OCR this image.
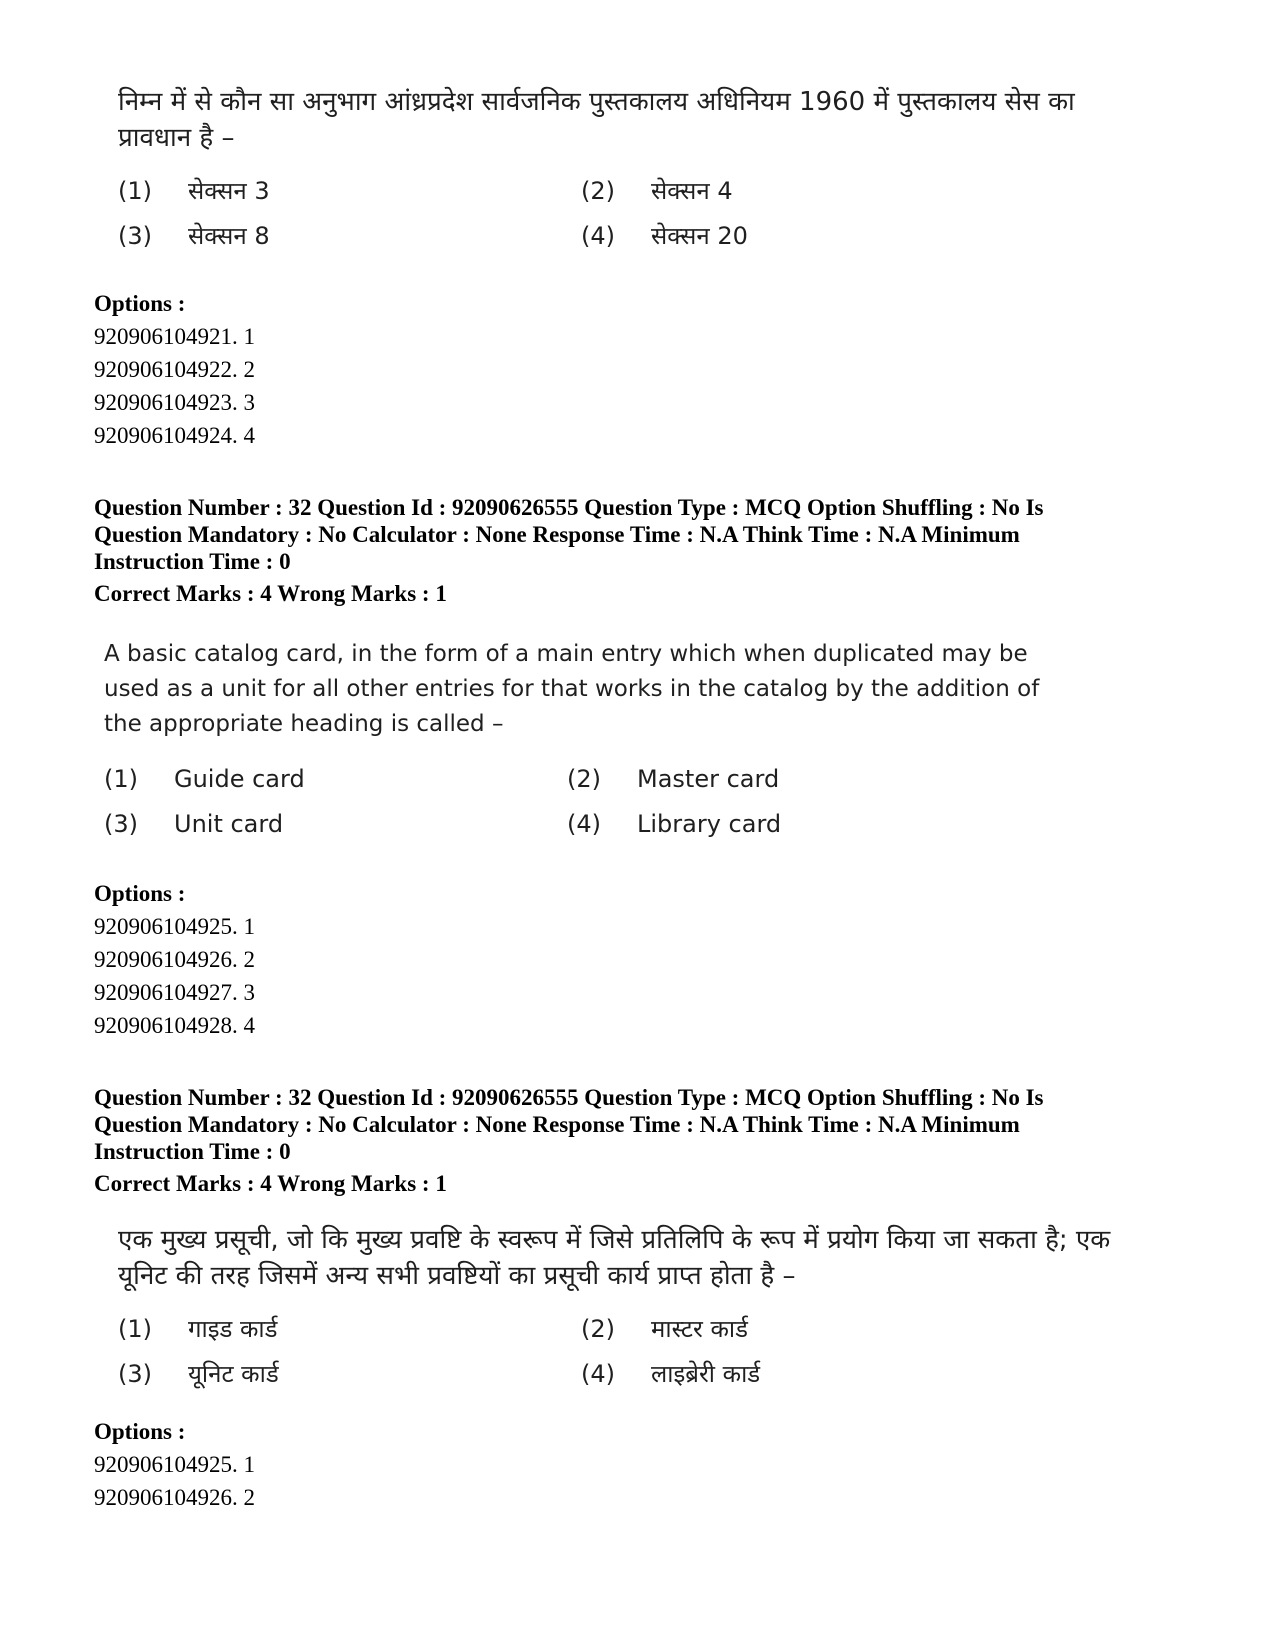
निम्न में से कौन सा अनुभाग आंध्रप्रदेश सार्वजनिक पुस्तकालय अधिनियम 1960 में पुस्तकालय सेस का प्रावधान है –
(1) सेक्सन 3	(2) सेक्सन 4
(3) सेक्सन 8	(4) सेक्सन 20
Options :
920906104921. 1
920906104922. 2
920906104923. 3
920906104924. 4
Question Number : 32 Question Id : 92090626555 Question Type : MCQ Option Shuffling : No Is Question Mandatory : No Calculator : None Response Time : N.A Think Time : N.A Minimum Instruction Time : 0
Correct Marks : 4 Wrong Marks : 1
A basic catalog card, in the form of a main entry which when duplicated may be used as a unit for all other entries for that works in the catalog by the addition of the appropriate heading is called –
(1) Guide card	(2) Master card
(3) Unit card	(4) Library card
Options :
920906104925. 1
920906104926. 2
920906104927. 3
920906104928. 4
Question Number : 32 Question Id : 92090626555 Question Type : MCQ Option Shuffling : No Is Question Mandatory : No Calculator : None Response Time : N.A Think Time : N.A Minimum Instruction Time : 0
Correct Marks : 4 Wrong Marks : 1
एक मुख्य प्रसूची, जो कि मुख्य प्रवष्टि के स्वरूप में जिसे प्रतिलिपि के रूप में प्रयोग किया जा सकता है; एक यूनिट की तरह जिसमें अन्य सभी प्रवष्टियों का प्रसूची कार्य प्राप्त होता है –
(1) गाइड कार्ड	(2) मास्टर कार्ड
(3) यूनिट कार्ड	(4) लाइब्रेरी कार्ड
Options :
920906104925. 1
920906104926. 2
